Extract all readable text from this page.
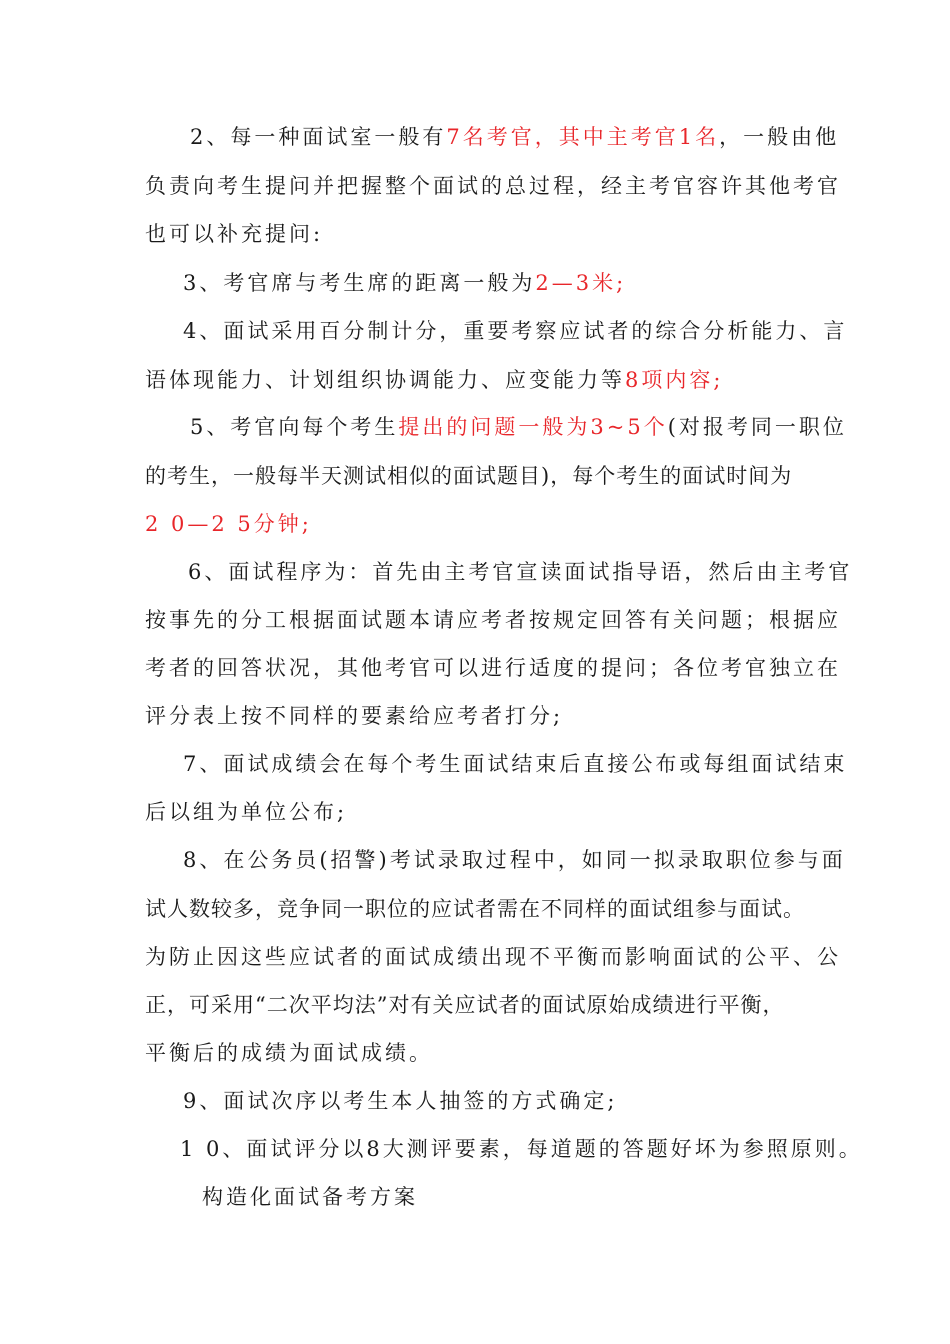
2、每一种面试室一般有7名考官，其中主考官1名，一般由他
负责向考生提问并把握整个面试的总过程，经主考官容许其他考官
也可以补充提问:
3、考官席与考生席的距离一般为2—3米;
4、面试采用百分制计分，重要考察应试者的综合分析能力、言
语体现能力、计划组织协调能力、应变能力等8项内容;
5、考官向每个考生提出的问题一般为3~5个(对报考同一职位
的考生，一般每半天测试相似的面试题目)，每个考生的面试时间为
2 0—2 5分钟;
6、面试程序为：首先由主考官宣读面试指导语，然后由主考官
按事先的分工根据面试题本请应考者按规定回答有关问题；根据应
考者的回答状况，其他考官可以进行适度的提问；各位考官独立在
评分表上按不同样的要素给应考者打分;
7、面试成绩会在每个考生面试结束后直接公布或每组面试结束
后以组为单位公布;
8、在公务员(招警)考试录取过程中，如同一拟录取职位参与面
试人数较多，竞争同一职位的应试者需在不同样的面试组参与面试。
为防止因这些应试者的面试成绩出现不平衡而影响面试的公平、公
正，可采用“二次平均法”对有关应试者的面试原始成绩进行平衡，
平衡后的成绩为面试成绩。
9、面试次序以考生本人抽签的方式确定;
1 0、面试评分以8大测评要素，每道题的答题好坏为参照原则。
构造化面试备考方案
